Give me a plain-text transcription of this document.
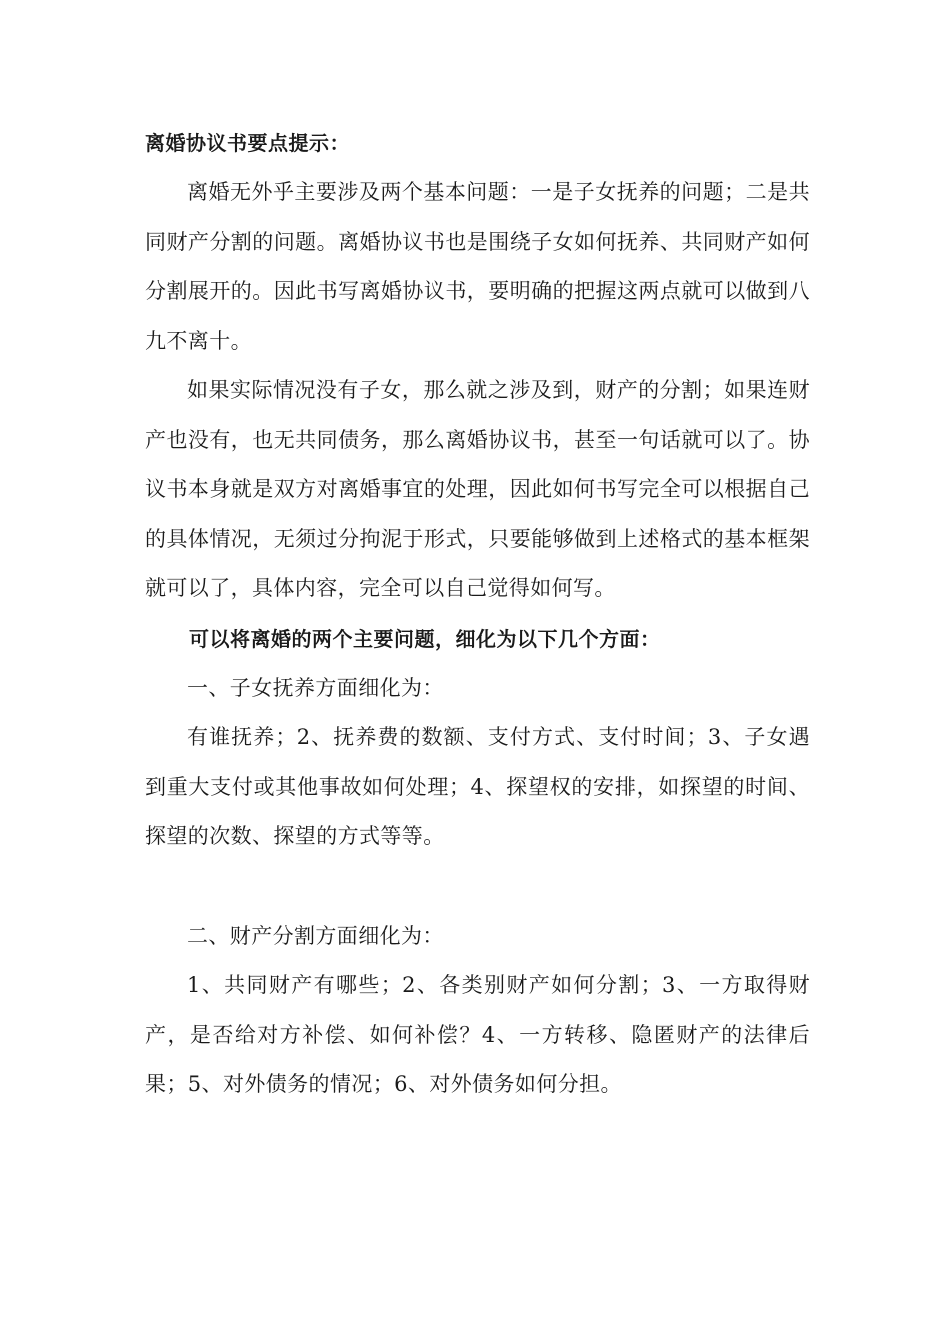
离婚协议书要点提示：

离婚无外乎主要涉及两个基本问题：一是子女抚养的问题；二是共同财产分割的问题。离婚协议书也是围绕子女如何抚养、共同财产如何分割展开的。因此书写离婚协议书，要明确的把握这两点就可以做到八九不离十。

如果实际情况没有子女，那么就之涉及到，财产的分割；如果连财产也没有，也无共同债务，那么离婚协议书，甚至一句话就可以了。协议书本身就是双方对离婚事宜的处理，因此如何书写完全可以根据自己的具体情况，无须过分拘泥于形式，只要能够做到上述格式的基本框架就可以了，具体内容，完全可以自己觉得如何写。

可以将离婚的两个主要问题，细化为以下几个方面：

一、子女抚养方面细化为：

有谁抚养；2、抚养费的数额、支付方式、支付时间；3、子女遇到重大支付或其他事故如何处理；4、探望权的安排，如探望的时间、探望的次数、探望的方式等等。

二、财产分割方面细化为：

1、共同财产有哪些；2、各类别财产如何分割；3、一方取得财产，是否给对方补偿、如何补偿？4、一方转移、隐匿财产的法律后果；5、对外债务的情况；6、对外债务如何分担。
